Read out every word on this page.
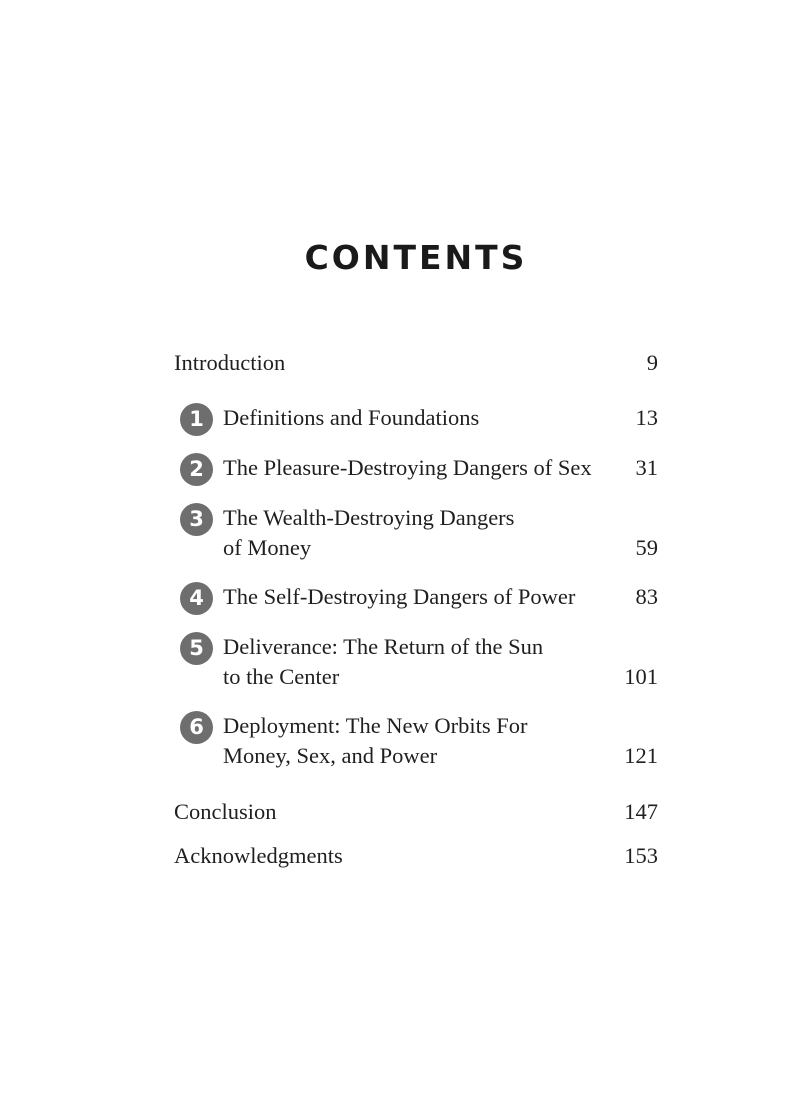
CONTENTS
Introduction	9
1 Definitions and Foundations	13
2 The Pleasure-Destroying Dangers of Sex 31
3 The Wealth-Destroying Dangers
of Money	59
4 The Self-Destroying Dangers of Power	83
5 Deliverance: The Return of the Sun
to the Center	101
6 Deployment: The New Orbits For
Money, Sex, and Power	121
Conclusion	147
Acknowledgments	153
